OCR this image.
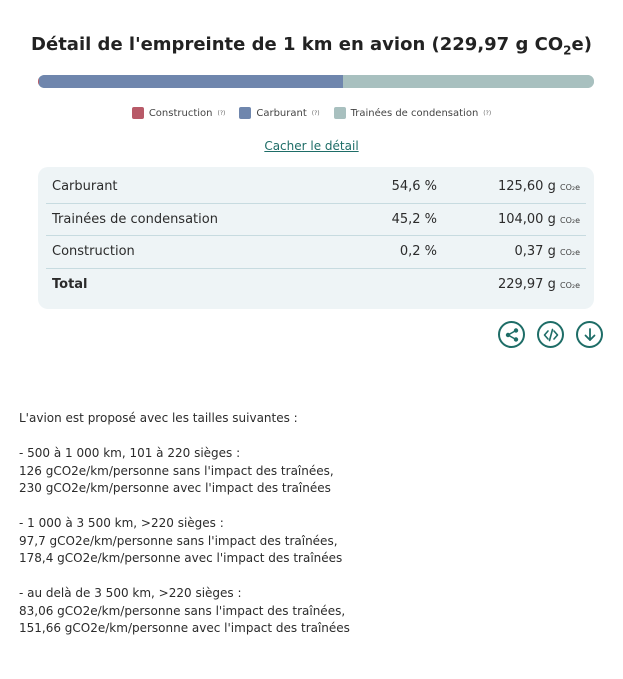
Détail de l'empreinte de 1 km en avion (229,97 g $CO_2e$)
Construction (?)	Carburant (?)	Trainées de condensation (?)
Cacher le détail
Carburant	54,6 %	125,60 g CO₂e
Trainées de condensation	45,2 %	104,00 g CO₂e
Construction	0,2 %	0,37 g CO₂e
Total	229,97 g CO₂e

L'avion est proposé avec les tailles suivantes :

- 500 à 1 000 km, 101 à 220 sièges :

126 gCO2e/km/personne sans l'impact des traînées,

230 gCO2e/km/personne avec l'impact des traînées

- 1 000 à 3 500 km, >220 sièges :

97,7 gCO2e/km/personne sans l'impact des traînées,

178,4 gCO2e/km/personne avec l'impact des traînées

- au delà de 3 500 km, >220 sièges :

83,06 gCO2e/km/personne sans l'impact des traînées,

151,66 gCO2e/km/personne avec l'impact des traînées
